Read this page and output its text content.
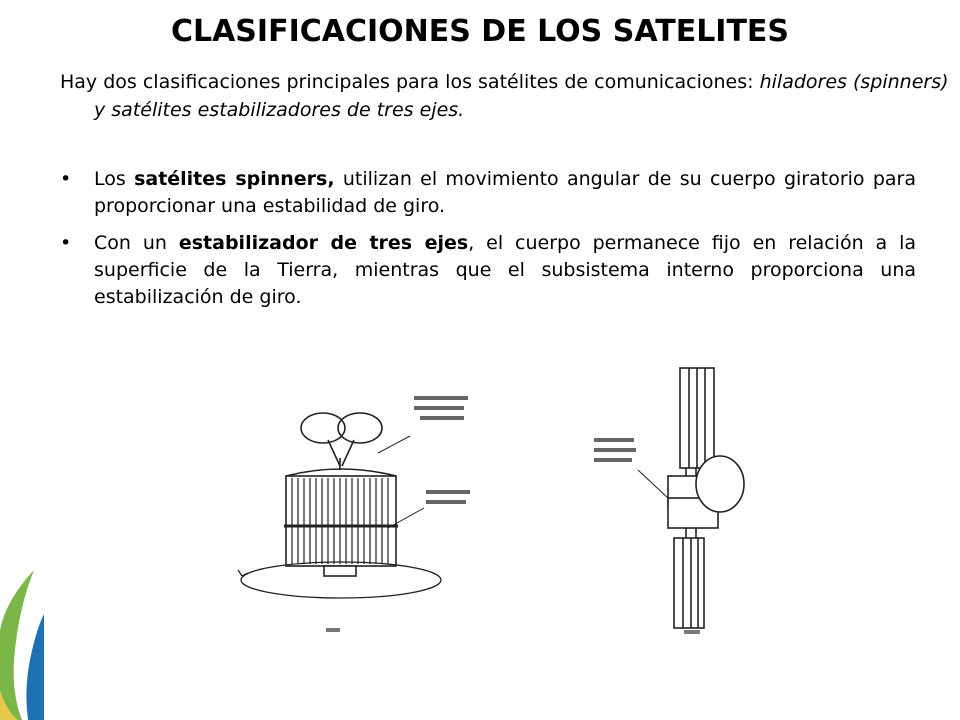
CLASIFICACIONES DE LOS SATELITES

Hay dos clasificaciones principales para los satélites de comunicaciones: hiladores (spinners) y satélites estabilizadores de tres ejes.

• Los satélites spinners, utilizan el movimiento angular de su cuerpo giratorio para proporcionar una estabilidad de giro.
• Con un estabilizador de tres ejes, el cuerpo permanece fijo en relación a la superficie de la Tierra, mientras que el subsistema interno proporciona una estabilización de giro.
